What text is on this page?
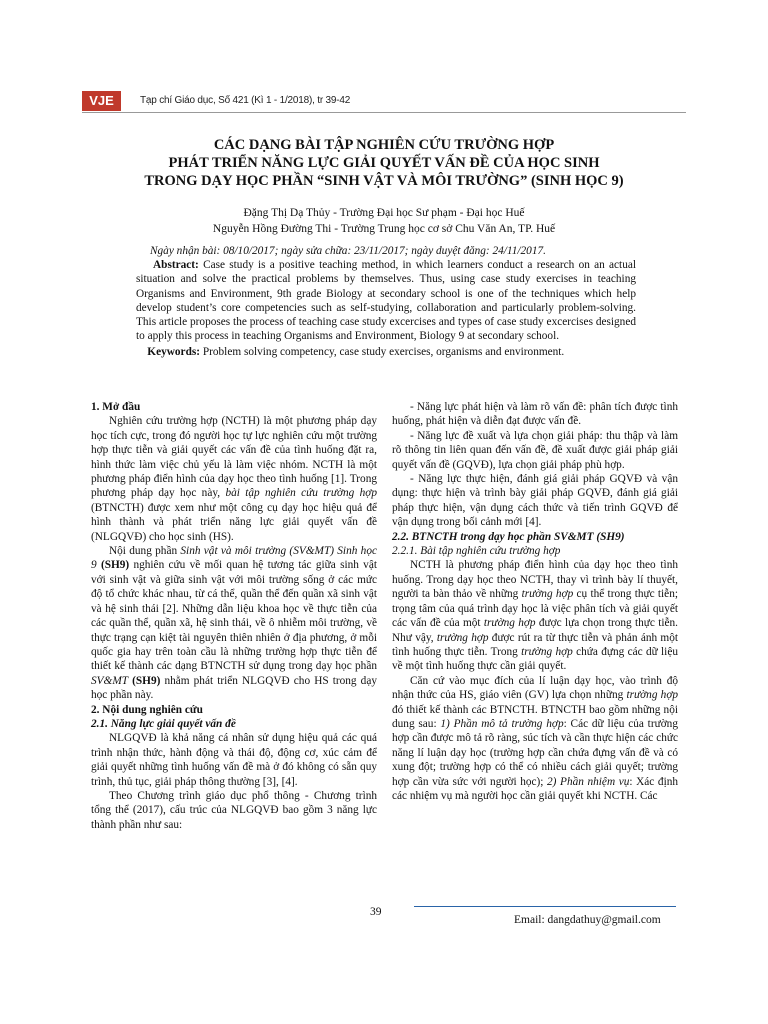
VJE	Tạp chí Giáo dục, Số 421 (Kì 1 - 1/2018), tr 39-42
CÁC DẠNG BÀI TẬP NGHIÊN CỨU TRƯỜNG HỢP
PHÁT TRIỂN NĂNG LỰC GIẢI QUYẾT VẤN ĐỀ CỦA HỌC SINH
TRONG DẠY HỌC PHẦN “SINH VẬT VÀ MÔI TRƯỜNG” (SINH HỌC 9)
Đặng Thị Dạ Thủy - Trường Đại học Sư phạm - Đại học Huế
Nguyễn Hồng Đường Thi - Trường Trung học cơ sở Chu Văn An, TP. Huế
Ngày nhận bài: 08/10/2017; ngày sửa chữa: 23/11/2017; ngày duyệt đăng: 24/11/2017.
Abstract: Case study is a positive teaching method, in which learners conduct a research on an actual situation and solve the practical problems by themselves. Thus, using case study exercises in teaching Organisms and Environment, 9th grade Biology at secondary school is one of the techniques which help develop student’s core competencies such as self-studying, collaboration and particularly problem-solving. This article proposes the process of teaching case study excercises and types of case study excercises designed to apply this process in teaching Organisms and Environment, Biology 9 at secondary school.
Keywords: Problem solving competency, case study exercises, organisms and environment.

1. Mở đầu

Nghiên cứu trường hợp (NCTH) là một phương pháp dạy học tích cực, trong đó người học tự lực nghiên cứu một trường hợp thực tiễn và giải quyết các vấn đề của tình huống đặt ra, hình thức làm việc chủ yếu là làm việc nhóm. NCTH là một phương pháp điển hình của dạy học theo tình huống [1]. Trong phương pháp dạy học này, bài tập nghiên cứu trường hợp (BTNCTH) được xem như một công cụ dạy học hiệu quả để hình thành và phát triển năng lực giải quyết vấn đề (NLGQVĐ) cho học sinh (HS).

Nội dung phần Sinh vật và môi trường (SV&MT) Sinh học 9 (SH9) nghiên cứu về mối quan hệ tương tác giữa sinh vật với sinh vật và giữa sinh vật với môi trường sống ở các mức độ tổ chức khác nhau, từ cá thể, quần thể đến quần xã sinh vật và hệ sinh thái [2]. Những dẫn liệu khoa học về thực tiễn của các quần thể, quần xã, hệ sinh thái, về ô nhiễm môi trường, về thực trạng cạn kiệt tài nguyên thiên nhiên ở địa phương, ở mỗi quốc gia hay trên toàn cầu là những trường hợp thực tiễn để thiết kế thành các dạng BTNCTH sử dụng trong dạy học phần SV&MT (SH9) nhằm phát triển NLGQVĐ cho HS trong dạy học phần này.

2. Nội dung nghiên cứu

2.1. Năng lực giải quyết vấn đề

NLGQVĐ là khả năng cá nhân sử dụng hiệu quả các quá trình nhận thức, hành động và thái độ, động cơ, xúc cảm để giải quyết những tình huống vấn đề mà ở đó không có sẵn quy trình, thủ tục, giải pháp thông thường [3], [4].

Theo Chương trình giáo dục phổ thông - Chương trình tổng thể (2017), cấu trúc của NLGQVĐ bao gồm 3 năng lực thành phần như sau:

- Năng lực phát hiện và làm rõ vấn đề: phân tích được tình huống, phát hiện và diễn đạt được vấn đề.

- Năng lực đề xuất và lựa chọn giải pháp: thu thập và làm rõ thông tin liên quan đến vấn đề, đề xuất được giải pháp giải quyết vấn đề (GQVĐ), lựa chọn giải pháp phù hợp.

- Năng lực thực hiện, đánh giá giải pháp GQVĐ và vận dụng: thực hiện và trình bày giải pháp GQVĐ, đánh giá giải pháp thực hiện, vận dụng cách thức và tiến trình GQVĐ để vận dụng trong bối cảnh mới [4].

2.2. BTNCTH trong dạy học phần SV&MT (SH9)

2.2.1. Bài tập nghiên cứu trường hợp

NCTH là phương pháp điển hình của dạy học theo tình huống. Trong dạy học theo NCTH, thay vì trình bày lí thuyết, người ta bàn thảo về những trường hợp cụ thể trong thực tiễn; trọng tâm của quá trình dạy học là việc phân tích và giải quyết các vấn đề của một trường hợp được lựa chọn trong thực tiễn. Như vậy, trường hợp được rút ra từ thực tiễn và phản ánh một tình huống thực tiễn. Trong trường hợp chứa đựng các dữ liệu về một tình huống thực cần giải quyết.

Căn cứ vào mục đích của lí luận dạy học, vào trình độ nhận thức của HS, giáo viên (GV) lựa chọn những trường hợp đó thiết kế thành các BTNCTH. BTNCTH bao gồm những nội dung sau: 1) Phần mô tả trường hợp: Các dữ liệu của trường hợp cần được mô tả rõ ràng, súc tích và cần thực hiện các chức năng lí luận dạy học (trường hợp cần chứa đựng vấn đề và có xung đột; trường hợp có thể có nhiều cách giải quyết; trường hợp cần vừa sức với người học); 2) Phần nhiệm vụ: Xác định các nhiệm vụ mà người học cần giải quyết khi NCTH. Các

39
Email: dangdathuy@gmail.com
